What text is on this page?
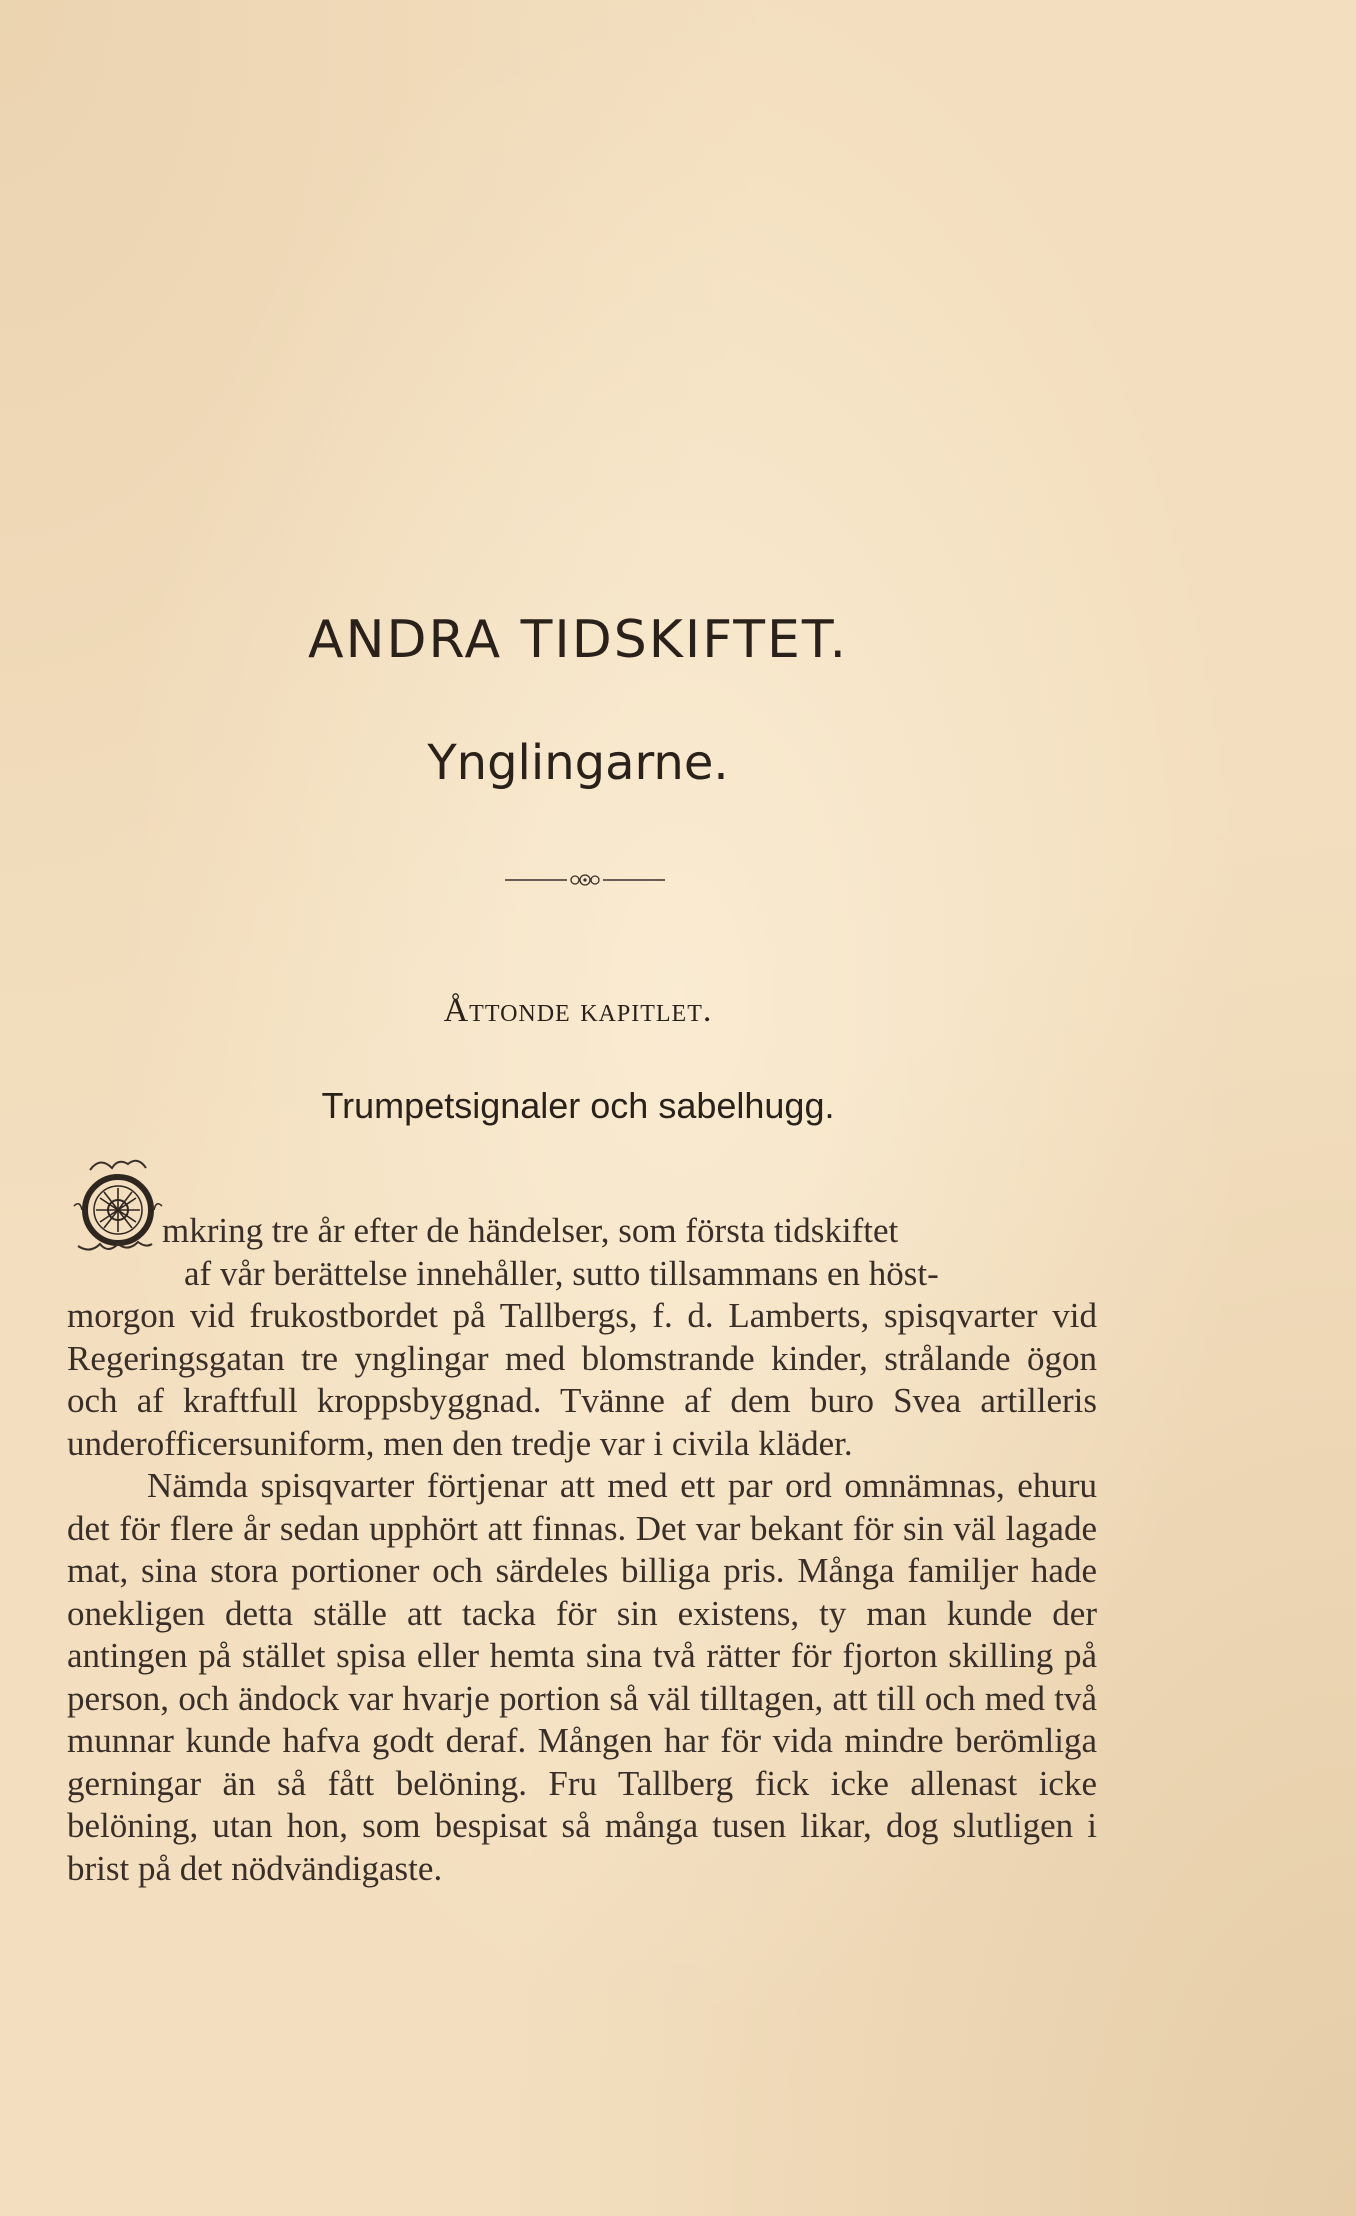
ANDRA TIDSKIFTET.
Ynglingarne.
Åttonde kapitlet.
Trumpetsignaler och sabelhugg.

mkring tre år efter de händelser, som första tidskiftet
af vår berättelse innehåller, sutto tillsammans en höst-
morgon vid frukostbordet på Tallbergs, f. d. Lamberts, spisqvarter vid Regeringsgatan tre ynglingar med blomstrande kinder, strålande ögon och af kraftfull kroppsbyggnad. Tvänne af dem buro Svea artilleris underofficersuniform, men den tredje var i civila kläder.

Nämda spisqvarter förtjenar att med ett par ord omnämnas, ehuru det för flere år sedan upphört att finnas. Det var bekant för sin väl lagade mat, sina stora portioner och särdeles billiga pris. Många familjer hade onekligen detta ställe att tacka för sin existens, ty man kunde der antingen på stället spisa eller hemta sina två rätter för fjorton skilling på person, och ändock var hvarje portion så väl tilltagen, att till och med två munnar kunde hafva godt deraf. Mången har för vida mindre berömliga gerningar än så fått belöning. Fru Tallberg fick icke allenast icke belöning, utan hon, som bespisat så många tusen likar, dog slutligen i brist på det nödvändigaste.
